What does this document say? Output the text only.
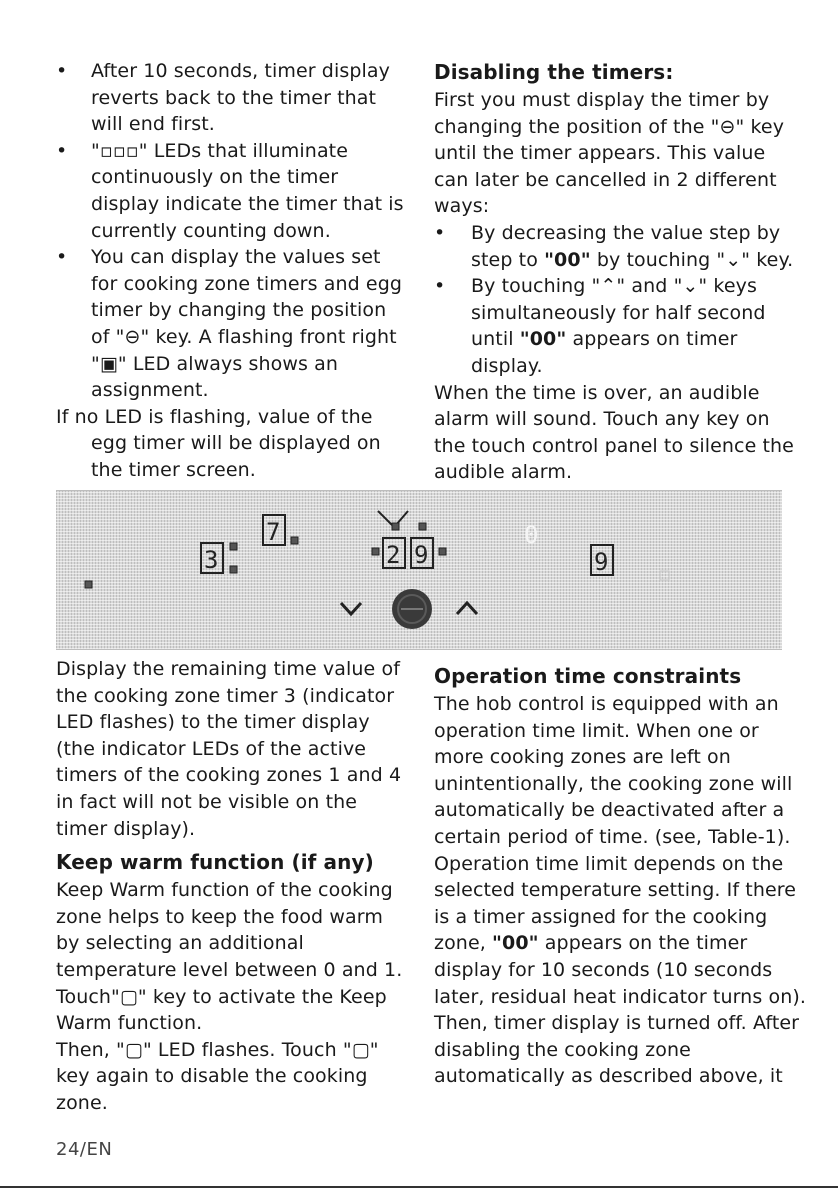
• After 10 seconds, timer display reverts back to the timer that will end first.
• "▫▫▫" LEDs that illuminate continuously on the timer display indicate the timer that is currently counting down.
• You can display the values set for cooking zone timers and egg timer by changing the position of "⊖" key. A flashing front right "▣" LED always shows an assignment.

If no LED is flashing, value of the egg timer will be displayed on the timer screen.

Disabling the timers:

First you must display the timer by changing the position of the "⊖" key until the timer appears. This value can later be cancelled in 2 different ways:

• By decreasing the value step by step to "00" by touching "⌄" key.
• By touching "⌃" and "⌄" keys simultaneously for half second until "00" appears on timer display.

When the time is over, an audible alarm will sound. Touch any key on the touch control panel to silence the audible alarm.

3
7
2 9
0
9

Display the remaining time value of the cooking zone timer 3 (indicator LED flashes) to the timer display (the indicator LEDs of the active timers of the cooking zones 1 and 4 in fact will not be visible on the timer display).

Keep warm function (if any)

Keep Warm function of the cooking zone helps to keep the food warm by selecting an additional temperature level between 0 and 1. Touch"▢" key to activate the Keep Warm function.

Then, "▢" LED flashes. Touch "▢" key again to disable the cooking zone.

Operation time constraints

The hob control is equipped with an operation time limit. When one or more cooking zones are left on unintentionally, the cooking zone will automatically be deactivated after a certain period of time. (see, Table-1). Operation time limit depends on the selected temperature setting. If there is a timer assigned for the cooking zone, "00" appears on the timer display for 10 seconds (10 seconds later, residual heat indicator turns on). Then, timer display is turned off. After disabling the cooking zone automatically as described above, it

24/EN
